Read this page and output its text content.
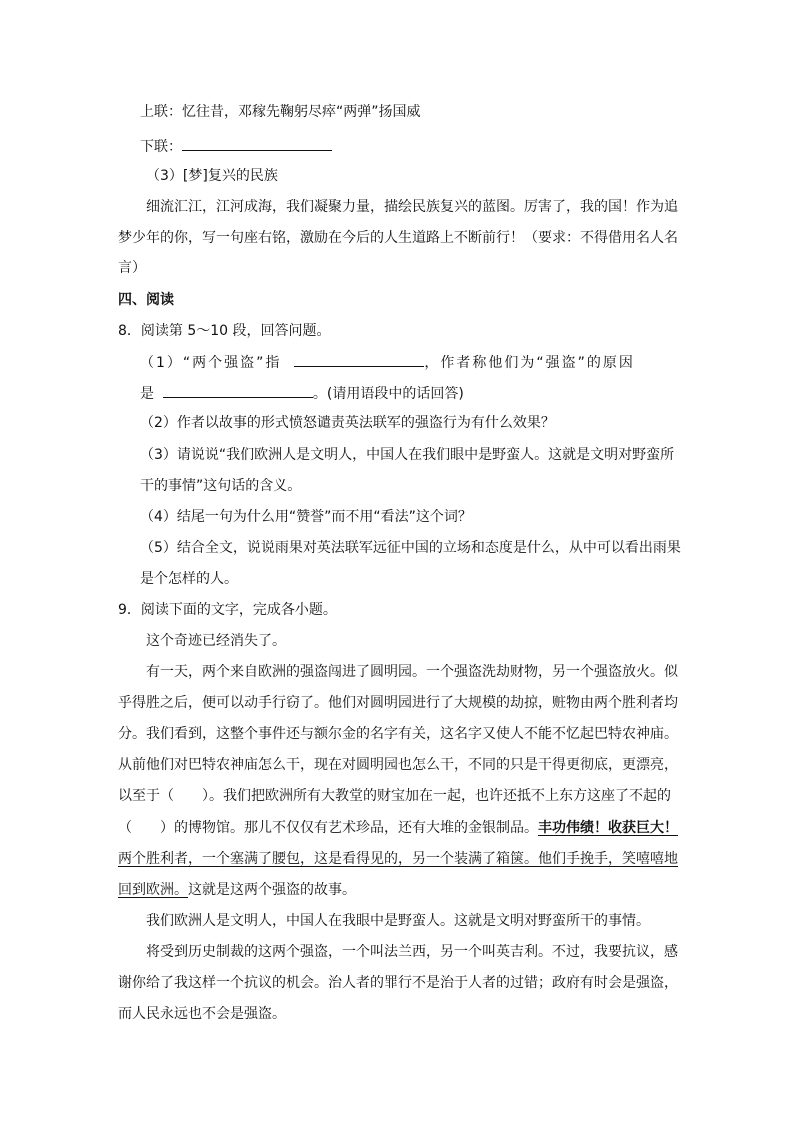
上联：忆往昔，邓稼先鞠躬尽瘁“两弹”扬国威
下联：
（3）[梦]复兴的民族
细流汇江，江河成海，我们凝聚力量，描绘民族复兴的蓝图。厉害了，我的国！作为追
梦少年的你，写一句座右铭，激励在今后的人生道路上不断前行！（要求：不得借用名人名
言）
四、阅读
8．阅读第 5～10 段，回答问题。
（1）“两个强盗”指	，作者称他们为“强盗”的原因
是	。(请用语段中的话回答)
（2）作者以故事的形式愤怒谴责英法联军的强盗行为有什么效果？
（3）请说说“我们欧洲人是文明人，中国人在我们眼中是野蛮人。这就是文明对野蛮所
干的事情”这句话的含义。
（4）结尾一句为什么用“赞誉”而不用“看法”这个词？
（5）结合全文，说说雨果对英法联军远征中国的立场和态度是什么，从中可以看出雨果
是个怎样的人。
9．阅读下面的文字，完成各小题。
这个奇迹已经消失了。
有一天，两个来自欧洲的强盗闯进了圆明园。一个强盗洗劫财物，另一个强盗放火。似
乎得胜之后，便可以动手行窃了。他们对圆明园进行了大规模的劫掠，赃物由两个胜利者均
分。我们看到，这整个事件还与额尔金的名字有关，这名字又使人不能不忆起巴特农神庙。
从前他们对巴特农神庙怎么干，现在对圆明园也怎么干，不同的只是干得更彻底，更漂亮，
以至于（　　）。我们把欧洲所有大教堂的财宝加在一起，也许还抵不上东方这座了不起的
（　　）的博物馆。那儿不仅仅有艺术珍品，还有大堆的金银制品。丰功伟绩！收获巨大！
两个胜利者，一个塞满了腰包，这是看得见的，另一个装满了箱箧。他们手挽手，笑嘻嘻地
回到欧洲。这就是这两个强盗的故事。
我们欧洲人是文明人，中国人在我眼中是野蛮人。这就是文明对野蛮所干的事情。
将受到历史制裁的这两个强盗，一个叫法兰西，另一个叫英吉利。不过，我要抗议，感
谢你给了我这样一个抗议的机会。治人者的罪行不是治于人者的过错；政府有时会是强盗，
而人民永远也不会是强盗。
